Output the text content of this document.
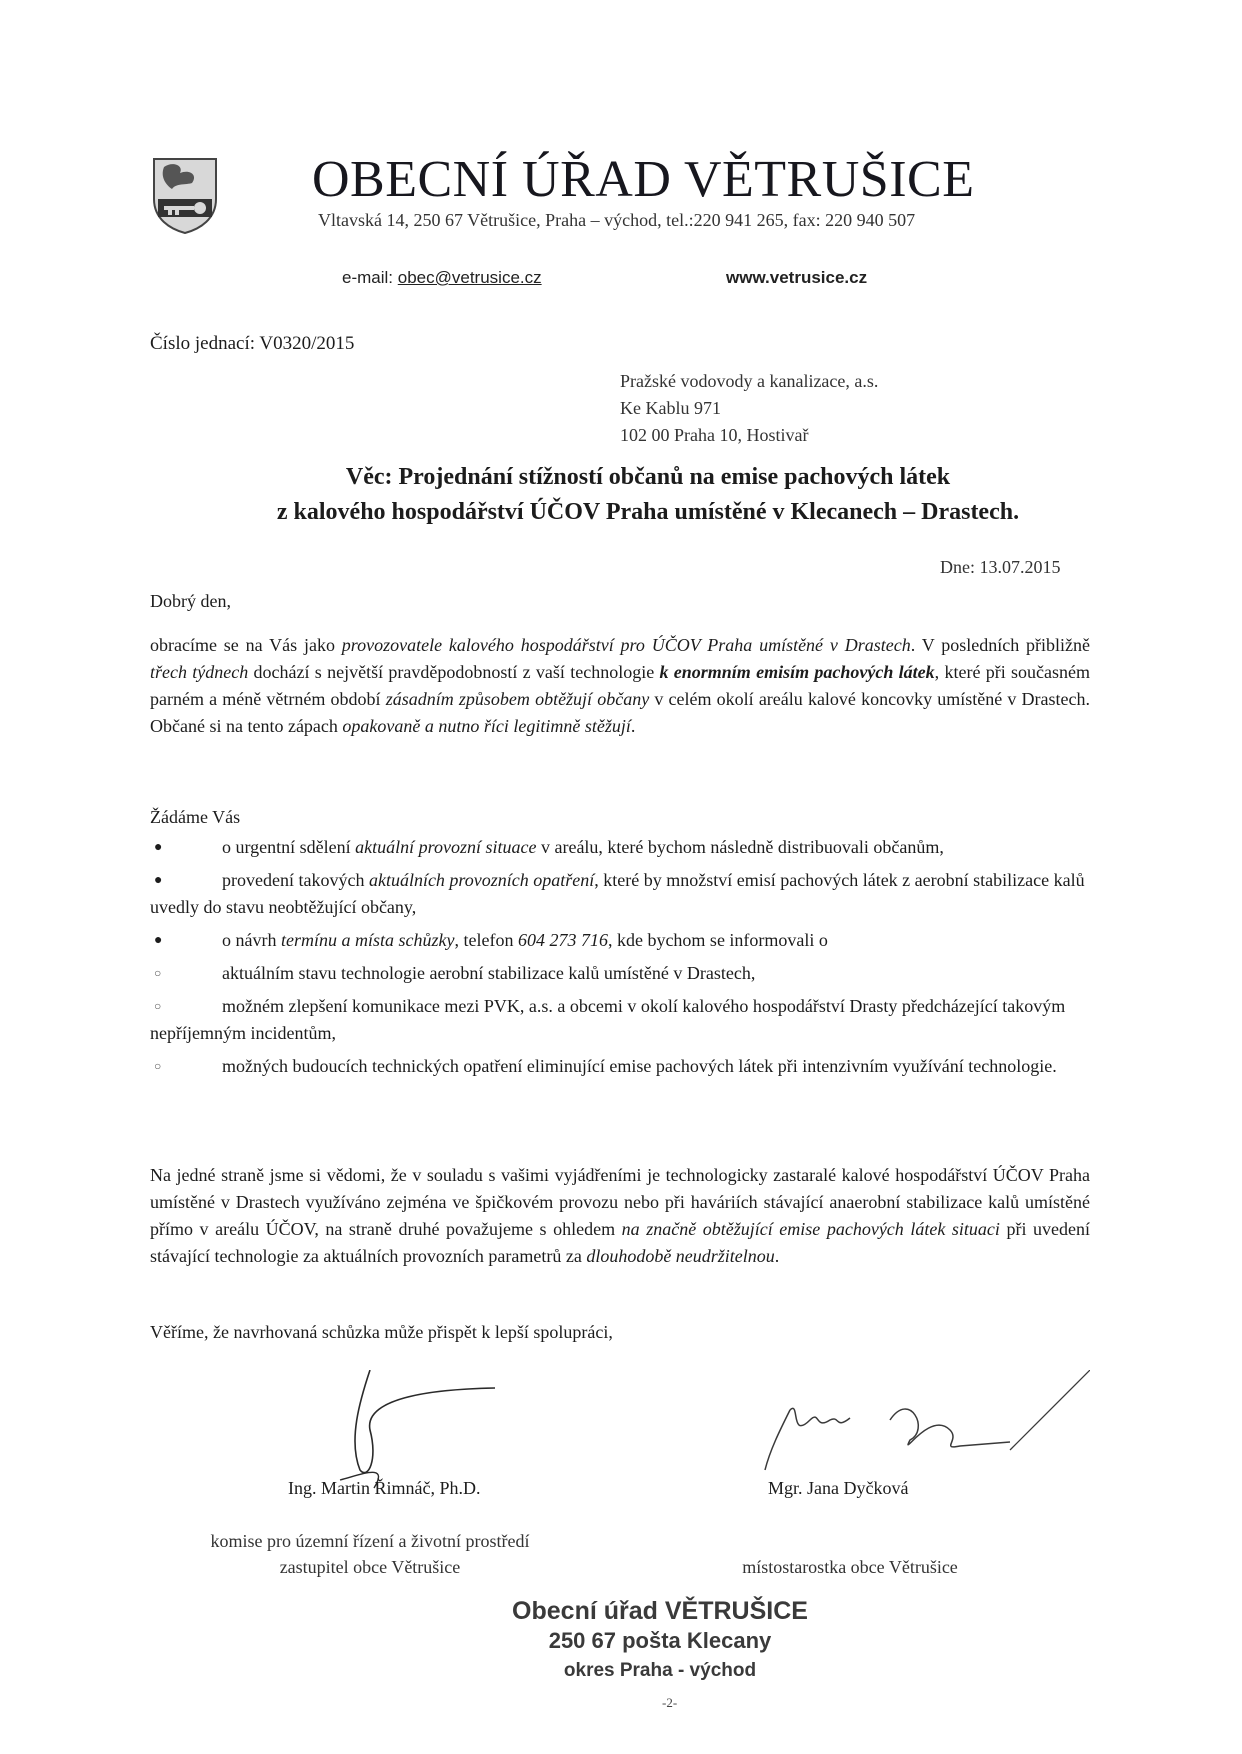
OBECNÍ ÚŘAD VĚTRUŠICE
Vltavská 14, 250 67 Větrušice, Praha – východ, tel.:220 941 265, fax: 220 940 507
e-mail: obec@vetrusice.cz	www.vetrusice.cz
Číslo jednací: V0320/2015
Pražské vodovody a kanalizace, a.s.
Ke Kablu 971
102 00 Praha 10, Hostivař
Věc: Projednání stížností občanů na emise pachových látek
z kalového hospodářství ÚČOV Praha umístěné v Klecanech – Drastech.
Dne: 13.07.2015
Dobrý den,
obracíme se na Vás jako provozovatele kalového hospodářství pro ÚČOV Praha umístěné v Drastech. V posledních přibližně třech týdnech dochází s největší pravděpodobností z vaší technologie k enormním emisím pachových látek, které při současném parném a méně větrném období zásadním způsobem obtěžují občany v celém okolí areálu kalové koncovky umístěné v Drastech. Občané si na tento zápach opakovaně a nutno říci legitimně stěžují.
Žádáme Vás
●	o urgentní sdělení aktuální provozní situace v areálu, které bychom následně distribuovali občanům,
●	provedení takových aktuálních provozních opatření, které by množství emisí pachových látek z aerobní stabilizace kalů uvedly do stavu neobtěžující občany,
●	o návrh termínu a místa schůzky, telefon 604 273 716, kde bychom se informovali o
○	aktuálním stavu technologie aerobní stabilizace kalů umístěné v Drastech,
○	možném zlepšení komunikace mezi PVK, a.s. a obcemi v okolí kalového hospodářství Drasty předcházející takovým nepříjemným incidentům,
○	možných budoucích technických opatření eliminující emise pachových látek při intenzivním využívání technologie.
Na jedné straně jsme si vědomi, že v souladu s vašimi vyjádřeními je technologicky zastaralé kalové hospodářství ÚČOV Praha umístěné v Drastech využíváno zejména ve špičkovém provozu nebo při haváriích stávající anaerobní stabilizace kalů umístěné přímo v areálu ÚČOV, na straně druhé považujeme s ohledem na značně obtěžující emise pachových látek situaci při uvedení stávající technologie za aktuálních provozních parametrů za dlouhodobě neudržitelnou.
Věříme, že navrhovaná schůzka může přispět k lepší spolupráci,
Ing. Martin Řimnáč, Ph.D.	Mgr. Jana Dyčková
komise pro územní řízení a životní prostředí
zastupitel obce Větrušice	místostarostka obce Větrušice
Obecní úřad VĚTRUŠICE
250 67 pošta Klecany
okres Praha - východ
-2-
